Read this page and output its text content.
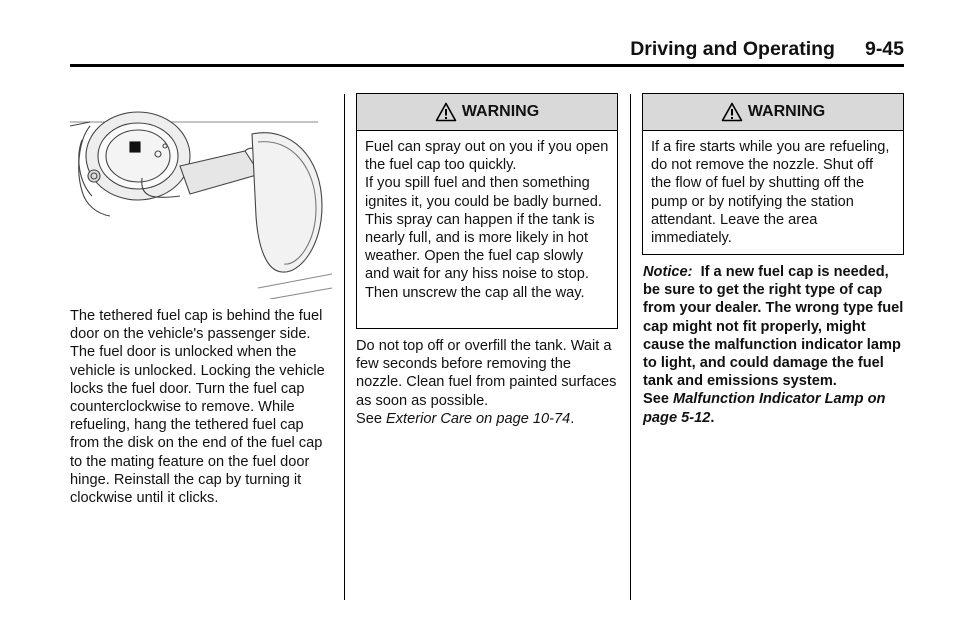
Driving and Operating 9-45

The tethered fuel cap is behind the fuel door on the vehicle's passenger side. The fuel door is unlocked when the vehicle is unlocked. Locking the vehicle locks the fuel door. Turn the fuel cap counterclockwise to remove. While refueling, hang the tethered fuel cap from the disk on the end of the fuel cap to the mating feature on the fuel door hinge. Reinstall the cap by turning it clockwise until it clicks.

WARNING

Fuel can spray out on you if you open the fuel cap too quickly.

If you spill fuel and then something ignites it, you could be badly burned. This spray can happen if the tank is nearly full, and is more likely in hot weather. Open the fuel cap slowly and wait for any hiss noise to stop. Then unscrew the cap all the way.

Do not top off or overfill the tank. Wait a few seconds before removing the nozzle. Clean fuel from painted surfaces as soon as possible.
See Exterior Care on page 10-74.

WARNING

If a fire starts while you are refueling, do not remove the nozzle. Shut off the flow of fuel by shutting off the pump or by notifying the station attendant. Leave the area immediately.

Notice: If a new fuel cap is needed, be sure to get the right type of cap from your dealer. The wrong type fuel cap might not fit properly, might cause the malfunction indicator lamp to light, and could damage the fuel tank and emissions system.
See Malfunction Indicator Lamp on page 5-12.
